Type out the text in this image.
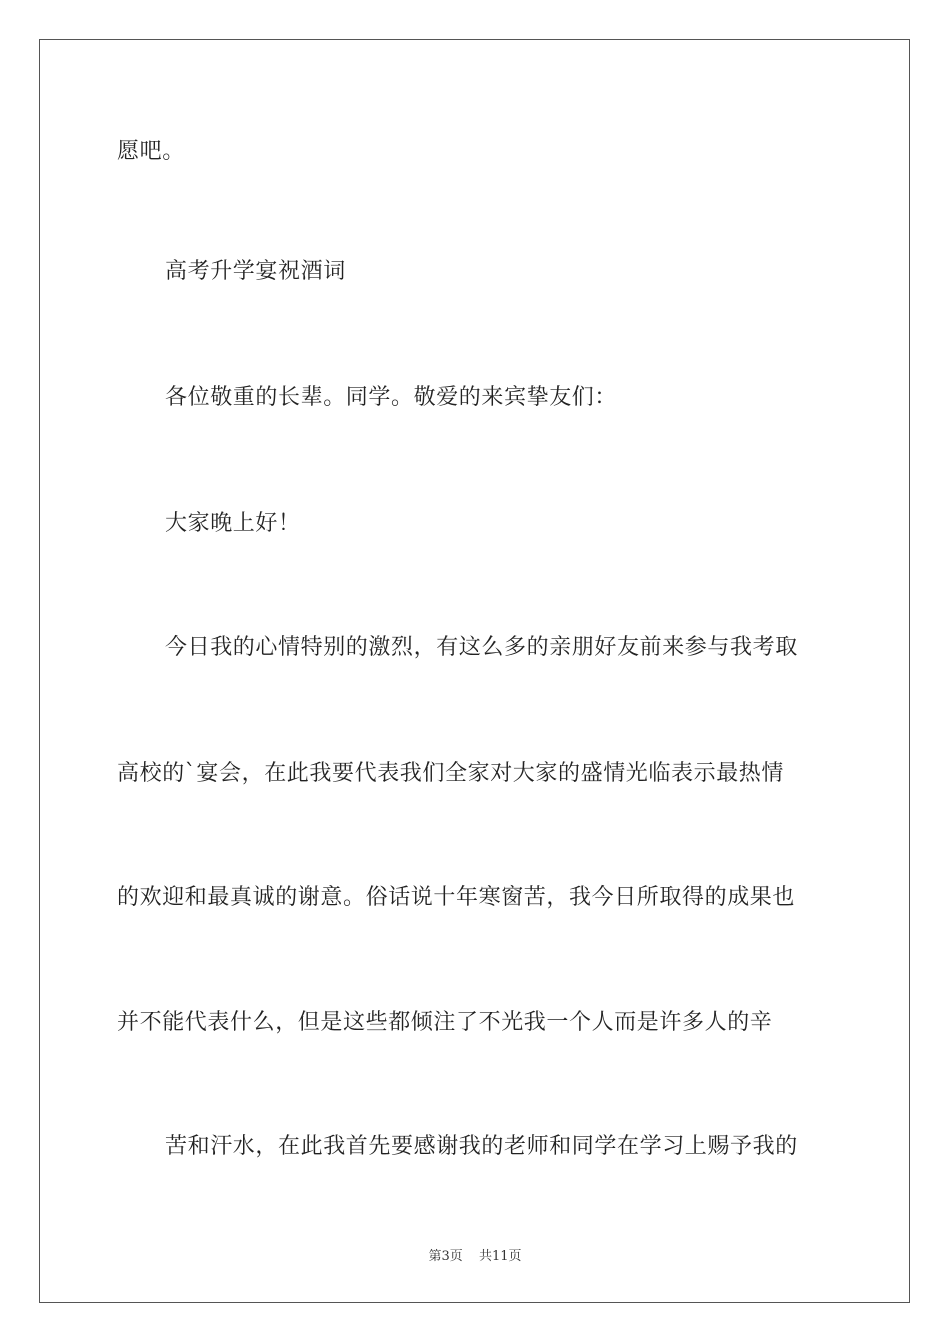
愿吧。
高考升学宴祝酒词
各位敬重的长辈。同学。敬爱的来宾挚友们：
大家晚上好！
今日我的心情特别的激烈，有这么多的亲朋好友前来参与我考取
高校的`宴会，在此我要代表我们全家对大家的盛情光临表示最热情
的欢迎和最真诚的谢意。俗话说十年寒窗苦，我今日所取得的成果也
并不能代表什么，但是这些都倾注了不光我一个人而是许多人的辛
苦和汗水，在此我首先要感谢我的老师和同学在学习上赐予我的
第3页 共11页
